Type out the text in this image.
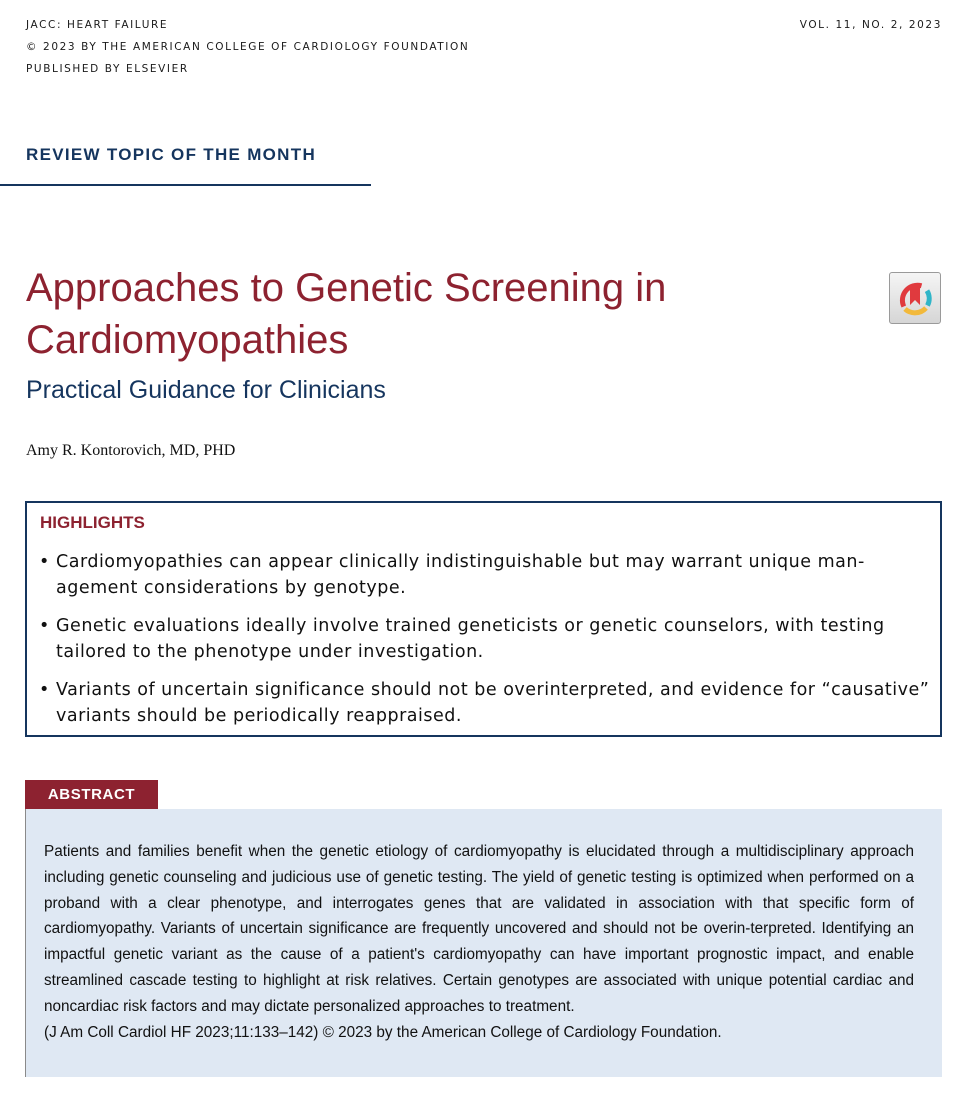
JACC: HEART FAILURE
© 2023 BY THE AMERICAN COLLEGE OF CARDIOLOGY FOUNDATION
PUBLISHED BY ELSEVIER
VOL. 11, NO. 2, 2023
REVIEW TOPIC OF THE MONTH
Approaches to Genetic Screening in Cardiomyopathies
Practical Guidance for Clinicians
Amy R. Kontorovich, MD, PHD
HIGHLIGHTS
• Cardiomyopathies can appear clinically indistinguishable but may warrant unique man-agement considerations by genotype.
• Genetic evaluations ideally involve trained geneticists or genetic counselors, with testing tailored to the phenotype under investigation.
• Variants of uncertain significance should not be overinterpreted, and evidence for “causative” variants should be periodically reappraised.
ABSTRACT

Patients and families benefit when the genetic etiology of cardiomyopathy is elucidated through a multidisciplinary approach including genetic counseling and judicious use of genetic testing. The yield of genetic testing is optimized when performed on a proband with a clear phenotype, and interrogates genes that are validated in association with that specific form of cardiomyopathy. Variants of uncertain significance are frequently uncovered and should not be overin-terpreted. Identifying an impactful genetic variant as the cause of a patient's cardiomyopathy can have important prognostic impact, and enable streamlined cascade testing to highlight at risk relatives. Certain genotypes are associated with unique potential cardiac and noncardiac risk factors and may dictate personalized approaches to treatment.
(J Am Coll Cardiol HF 2023;11:133–142) © 2023 by the American College of Cardiology Foundation.
